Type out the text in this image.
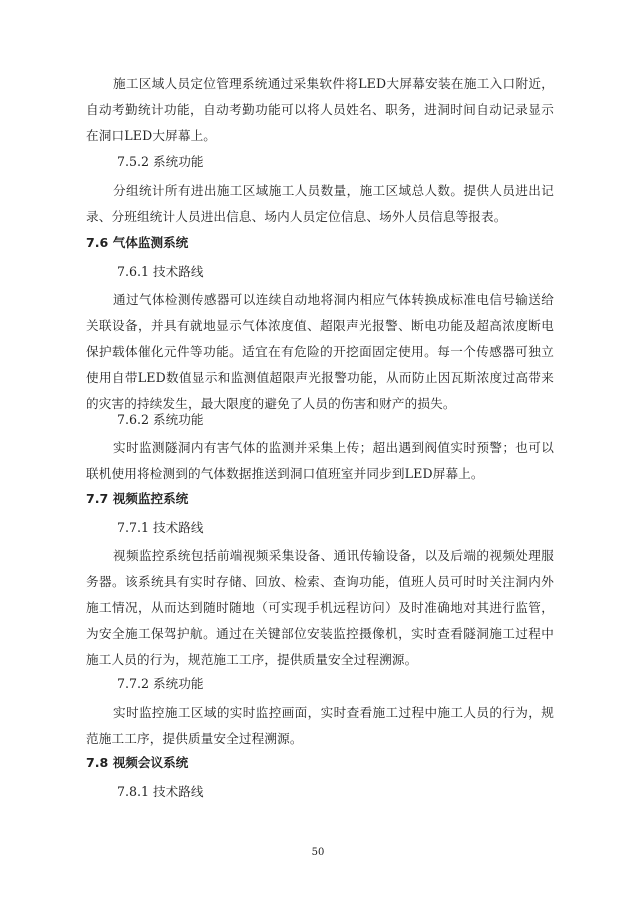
施工区域人员定位管理系统通过采集软件将LED大屏幕安装在施工入口附近，自动考勤统计功能，自动考勤功能可以将人员姓名、职务，进洞时间自动记录显示在洞口LED大屏幕上。
7.5.2 系统功能
分组统计所有进出施工区域施工人员数量，施工区域总人数。提供人员进出记录、分班组统计人员进出信息、场内人员定位信息、场外人员信息等报表。
7.6 气体监测系统
7.6.1 技术路线
通过气体检测传感器可以连续自动地将洞内相应气体转换成标准电信号输送给关联设备，并具有就地显示气体浓度值、超限声光报警、断电功能及超高浓度断电保护载体催化元件等功能。适宜在有危险的开挖面固定使用。每一个传感器可独立使用自带LED数值显示和监测值超限声光报警功能，从而防止因瓦斯浓度过高带来的灾害的持续发生，最大限度的避免了人员的伤害和财产的损失。
7.6.2 系统功能
实时监测隧洞内有害气体的监测并采集上传；超出遇到阀值实时预警；也可以联机使用将检测到的气体数据推送到洞口值班室并同步到LED屏幕上。
7.7 视频监控系统
7.7.1 技术路线
视频监控系统包括前端视频采集设备、通讯传输设备，以及后端的视频处理服务器。该系统具有实时存储、回放、检索、查询功能，值班人员可时时关注洞内外施工情况，从而达到随时随地（可实现手机远程访问）及时准确地对其进行监管，为安全施工保驾护航。通过在关键部位安装监控摄像机，实时查看隧洞施工过程中施工人员的行为，规范施工工序，提供质量安全过程溯源。
7.7.2 系统功能
实时监控施工区域的实时监控画面，实时查看施工过程中施工人员的行为，规范施工工序，提供质量安全过程溯源。
7.8 视频会议系统
7.8.1 技术路线
50
